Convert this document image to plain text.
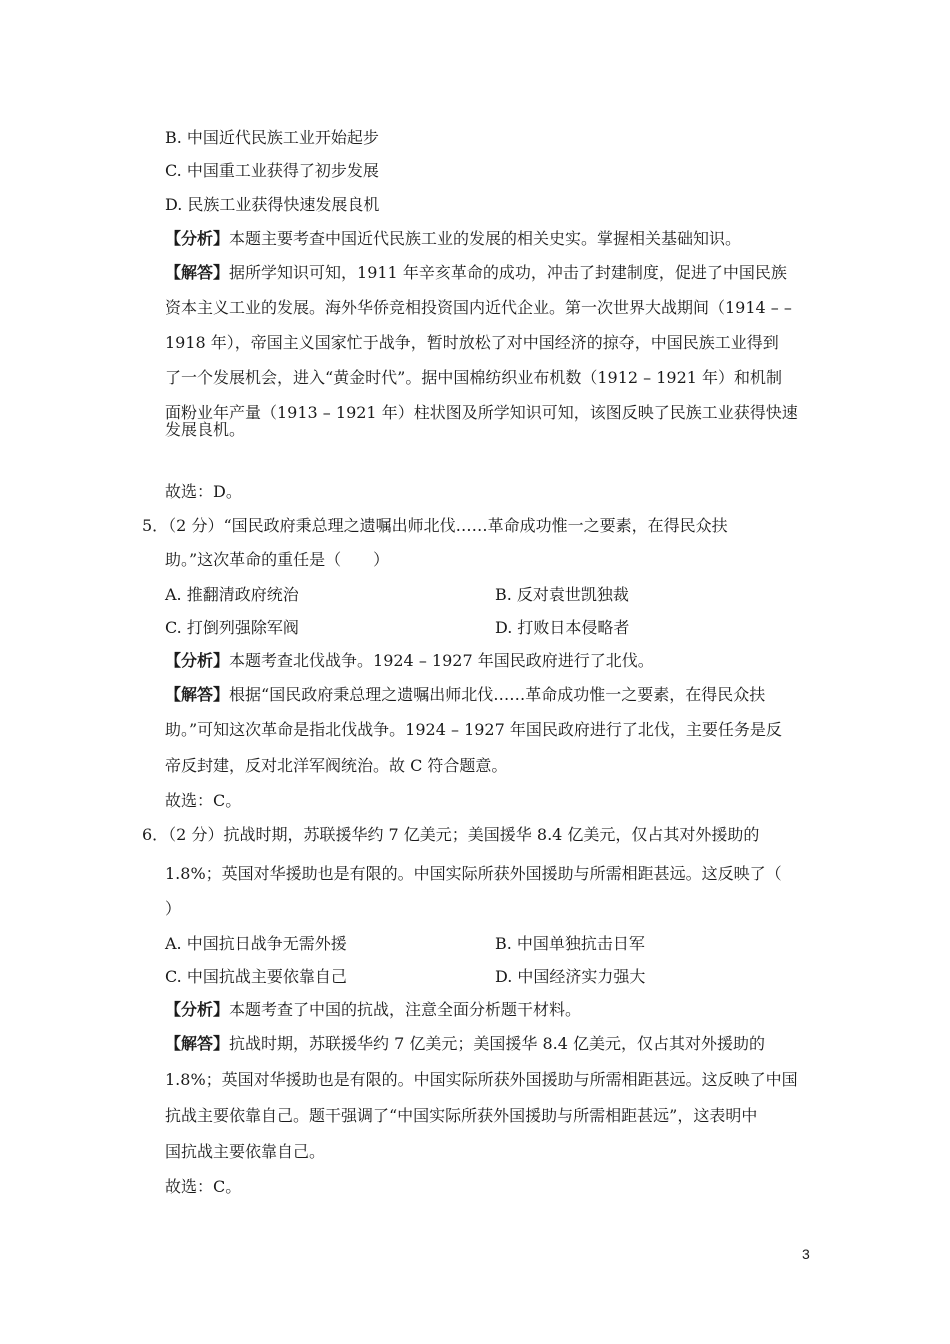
B. 中国近代民族工业开始起步
C. 中国重工业获得了初步发展
D. 民族工业获得快速发展良机
【分析】本题主要考查中国近代民族工业的发展的相关史实。掌握相关基础知识。
【解答】据所学知识可知，1911 年辛亥革命的成功，冲击了封建制度，促进了中国民族
资本主义工业的发展。海外华侨竞相投资国内近代企业。第一次世界大战期间（1914 – –
1918 年），帝国主义国家忙于战争，暂时放松了对中国经济的掠夺，中国民族工业得到
了一个发展机会，进入“黄金时代”。据中国棉纺织业布机数（1912 – 1921 年）和机制
面粉业年产量（1913 – 1921 年）柱状图及所学知识可知，该图反映了民族工业获得快速
发展良机。
故选：D。
5．（2 分）“国民政府秉总理之遗嘱出师北伐……革命成功惟一之要素，在得民众扶
助。”这次革命的重任是（　　）
A. 推翻清政府统治	B. 反对袁世凯独裁
C. 打倒列强除军阀	D. 打败日本侵略者
【分析】本题考查北伐战争。1924 – 1927 年国民政府进行了北伐。
【解答】根据“国民政府秉总理之遗嘱出师北伐……革命成功惟一之要素，在得民众扶
助。”可知这次革命是指北伐战争。1924 – 1927 年国民政府进行了北伐，主要任务是反
帝反封建，反对北洋军阀统治。故 C 符合题意。
故选：C。
6．（2 分）抗战时期，苏联援华约 7 亿美元；美国援华 8.4 亿美元，仅占其对外援助的
1.8%；英国对华援助也是有限的。中国实际所获外国援助与所需相距甚远。这反映了（
）
A. 中国抗日战争无需外援	B. 中国单独抗击日军
C. 中国抗战主要依靠自己	D. 中国经济实力强大
【分析】本题考查了中国的抗战，注意全面分析题干材料。
【解答】抗战时期，苏联援华约 7 亿美元；美国援华 8.4 亿美元，仅占其对外援助的
1.8%；英国对华援助也是有限的。中国实际所获外国援助与所需相距甚远。这反映了中国
抗战主要依靠自己。题干强调了“中国实际所获外国援助与所需相距甚远”，这表明中
国抗战主要依靠自己。
故选：C。
3
